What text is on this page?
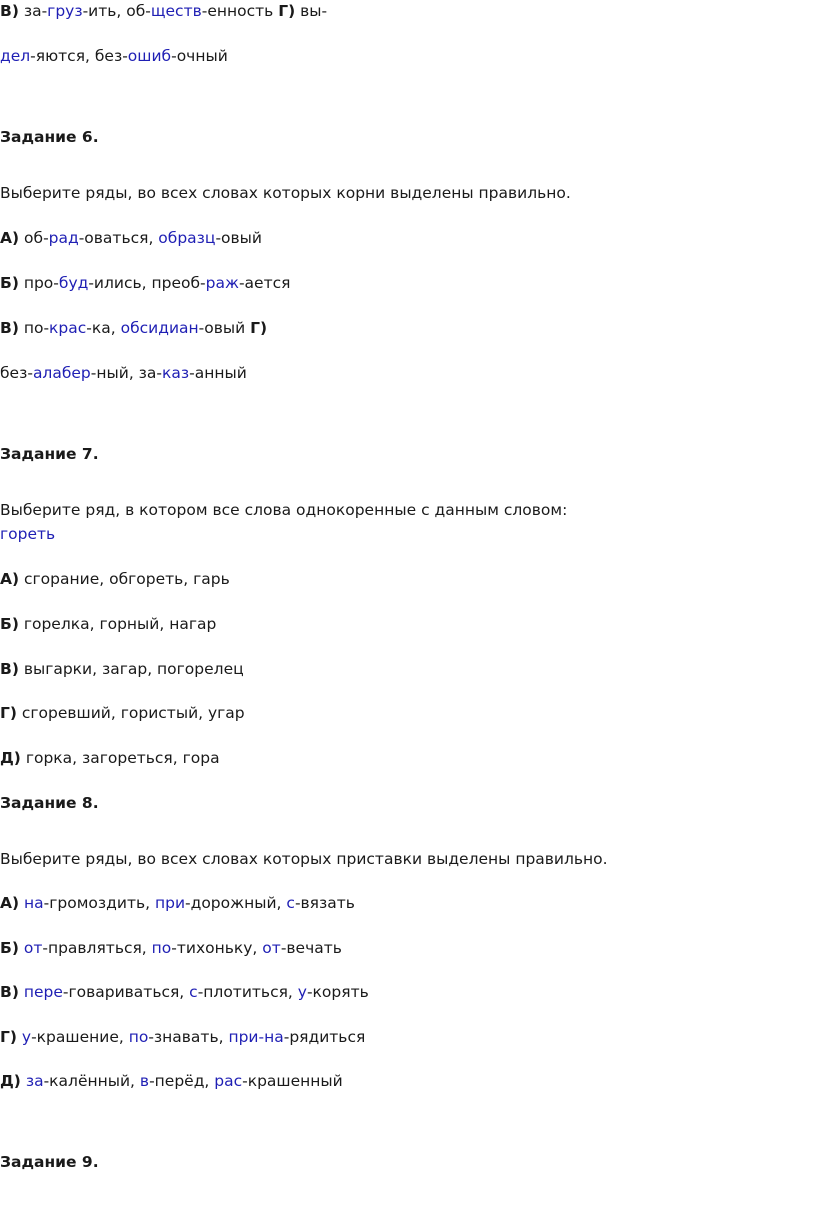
В) за-груз-ить, об-ществ-енность Г) вы-
дел-яются, без-ошиб-очный
Задание 6.
Выберите ряды, во всех словах которых корни выделены правильно.
А) об-рад-оваться, образц-овый
Б) про-буд-ились, преоб-раж-ается
В) по-крас-ка, обсидиан-овый Г)
без-алабер-ный, за-каз-анный
Задание 7.
Выберите ряд, в котором все слова однокоренные с данным словом:
гореть
А) сгорание, обгореть, гарь
Б) горелка, горный, нагар
В) выгарки, загар, погорелец
Г) сгоревший, гористый, угар
Д) горка, загореться, гора
Задание 8.
Выберите ряды, во всех словах которых приставки выделены правильно.
А) на-громоздить, при-дорожный, с-вязать
Б) от-правляться, по-тихоньку, от-вечать
В) пере-говариваться, с-плотиться, у-корять
Г) у-крашение, по-знавать, при-на-рядиться
Д) за-калённый, в-перёд, рас-крашенный
Задание 9.
